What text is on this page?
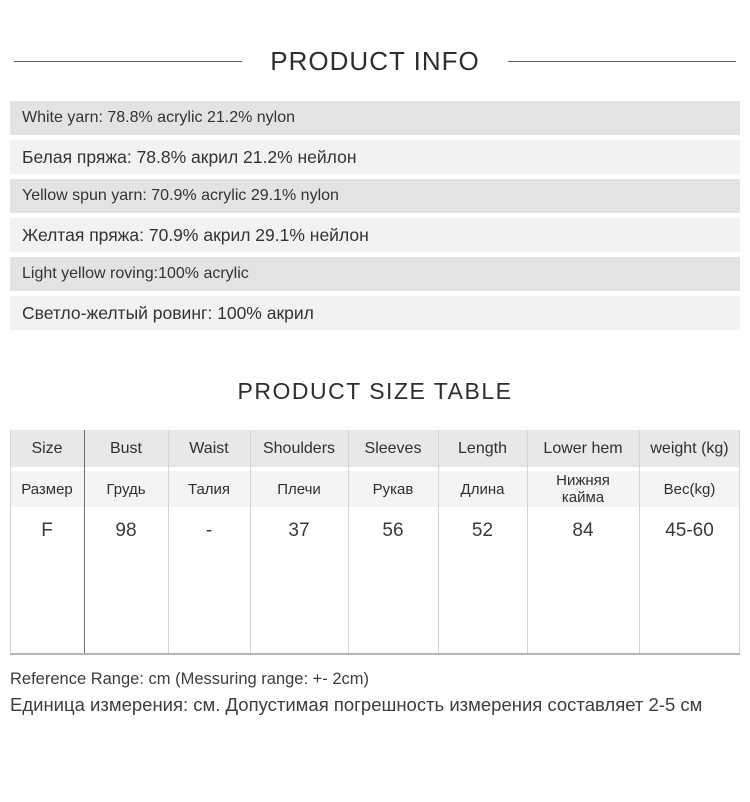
PRODUCT INFO
White yarn: 78.8% acrylic 21.2% nylon
Белая пряжа: 78.8% акрил 21.2% нейлон
Yellow spun yarn: 70.9% acrylic 29.1% nylon
Желтая пряжа: 70.9% акрил 29.1% нейлон
Light yellow roving:100% acrylic
Светло-желтый ровинг: 100% акрил
PRODUCT SIZE TABLE
Size	Bust	Waist	Shoulders	Sleeves	Length	Lower hem	weight (kg)
Размер	Грудь	Талия	Плечи	Рукав	Длина	Нижняя кайма	Вес(kg)
F	98	-	37	56	52	84	45-60

Reference Range: cm (Messuring range: +- 2cm)

Единица измерения: см. Допустимая погрешность измерения составляет 2-5 см
